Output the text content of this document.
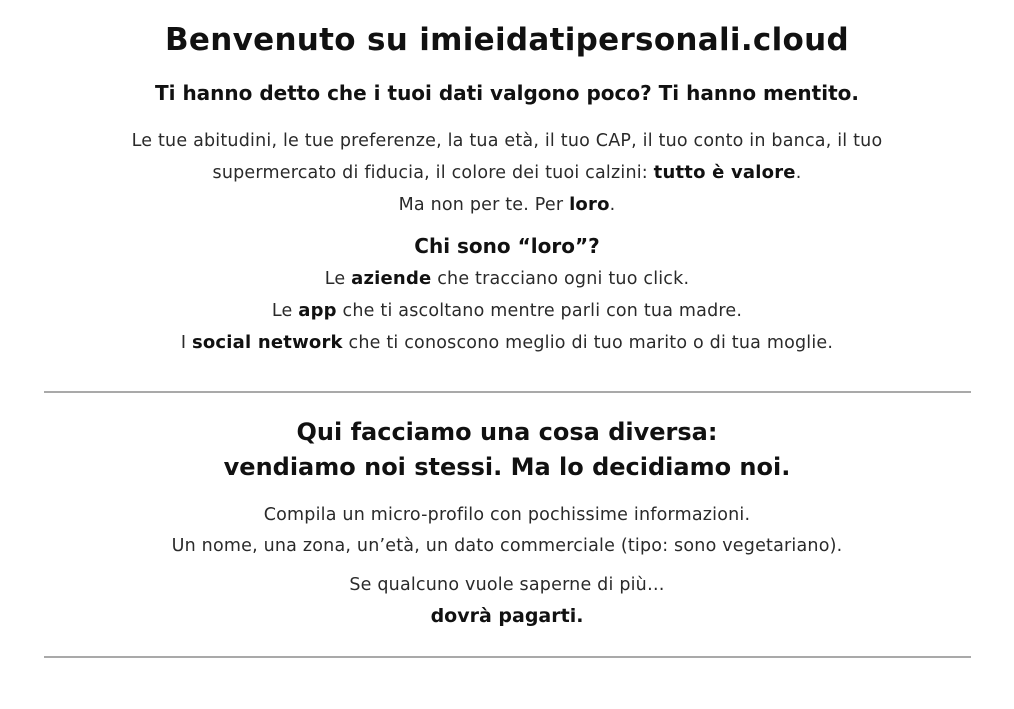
Benvenuto su imieidatipersonali.cloud

Ti hanno detto che i tuoi dati valgono poco? Ti hanno mentito.

Le tue abitudini, le tue preferenze, la tua età, il tuo CAP, il tuo conto in banca, il tuo
supermercato di fiducia, il colore dei tuoi calzini: tutto è valore.
Ma non per te. Per loro.
Chi sono “loro”?
Le aziende che tracciano ogni tuo click.
Le app che ti ascoltano mentre parli con tua madre.
I social network che ti conoscono meglio di tuo marito o di tua moglie.
Qui facciamo una cosa diversa:
vendiamo noi stessi. Ma lo decidiamo noi.
Compila un micro-profilo con pochissime informazioni.
Un nome, una zona, un’età, un dato commerciale (tipo: sono vegetariano).
Se qualcuno vuole saperne di più…
dovrà pagarti.
